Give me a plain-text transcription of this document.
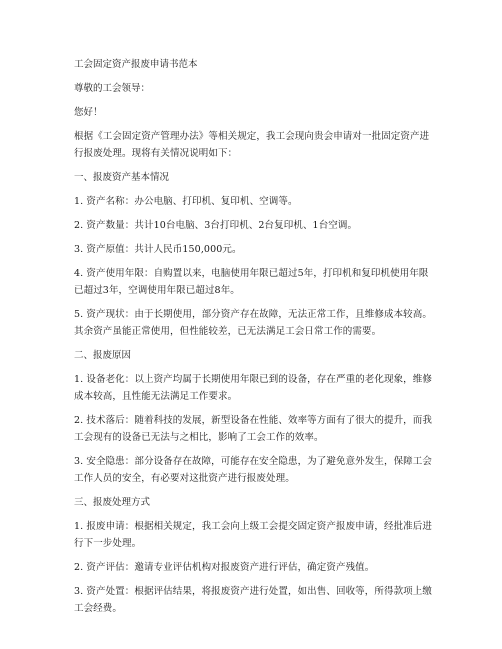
工会固定资产报废申请书范本

尊敬的工会领导：

您好！

根据《工会固定资产管理办法》等相关规定，我工会现向贵会申请对一批固定资产进行报废处理。现将有关情况说明如下：

一、报废资产基本情况

1. 资产名称：办公电脑、打印机、复印机、空调等。

2. 资产数量：共计10台电脑、3台打印机、2台复印机、1台空调。

3. 资产原值：共计人民币150,000元。

4. 资产使用年限：自购置以来，电脑使用年限已超过5年，打印机和复印机使用年限已超过3年，空调使用年限已超过8年。

5. 资产现状：由于长期使用，部分资产存在故障，无法正常工作，且维修成本较高。其余资产虽能正常使用，但性能较差，已无法满足工会日常工作的需要。

二、报废原因

1. 设备老化：以上资产均属于长期使用年限已到的设备，存在严重的老化现象，维修成本较高，且性能无法满足工作要求。

2. 技术落后：随着科技的发展，新型设备在性能、效率等方面有了很大的提升，而我工会现有的设备已无法与之相比，影响了工会工作的效率。

3. 安全隐患：部分设备存在故障，可能存在安全隐患，为了避免意外发生，保障工会工作人员的安全，有必要对这批资产进行报废处理。

三、报废处理方式

1. 报废申请：根据相关规定，我工会向上级工会提交固定资产报废申请，经批准后进行下一步处理。

2. 资产评估：邀请专业评估机构对报废资产进行评估，确定资产残值。

3. 资产处置：根据评估结果，将报废资产进行处置，如出售、回收等，所得款项上缴工会经费。
